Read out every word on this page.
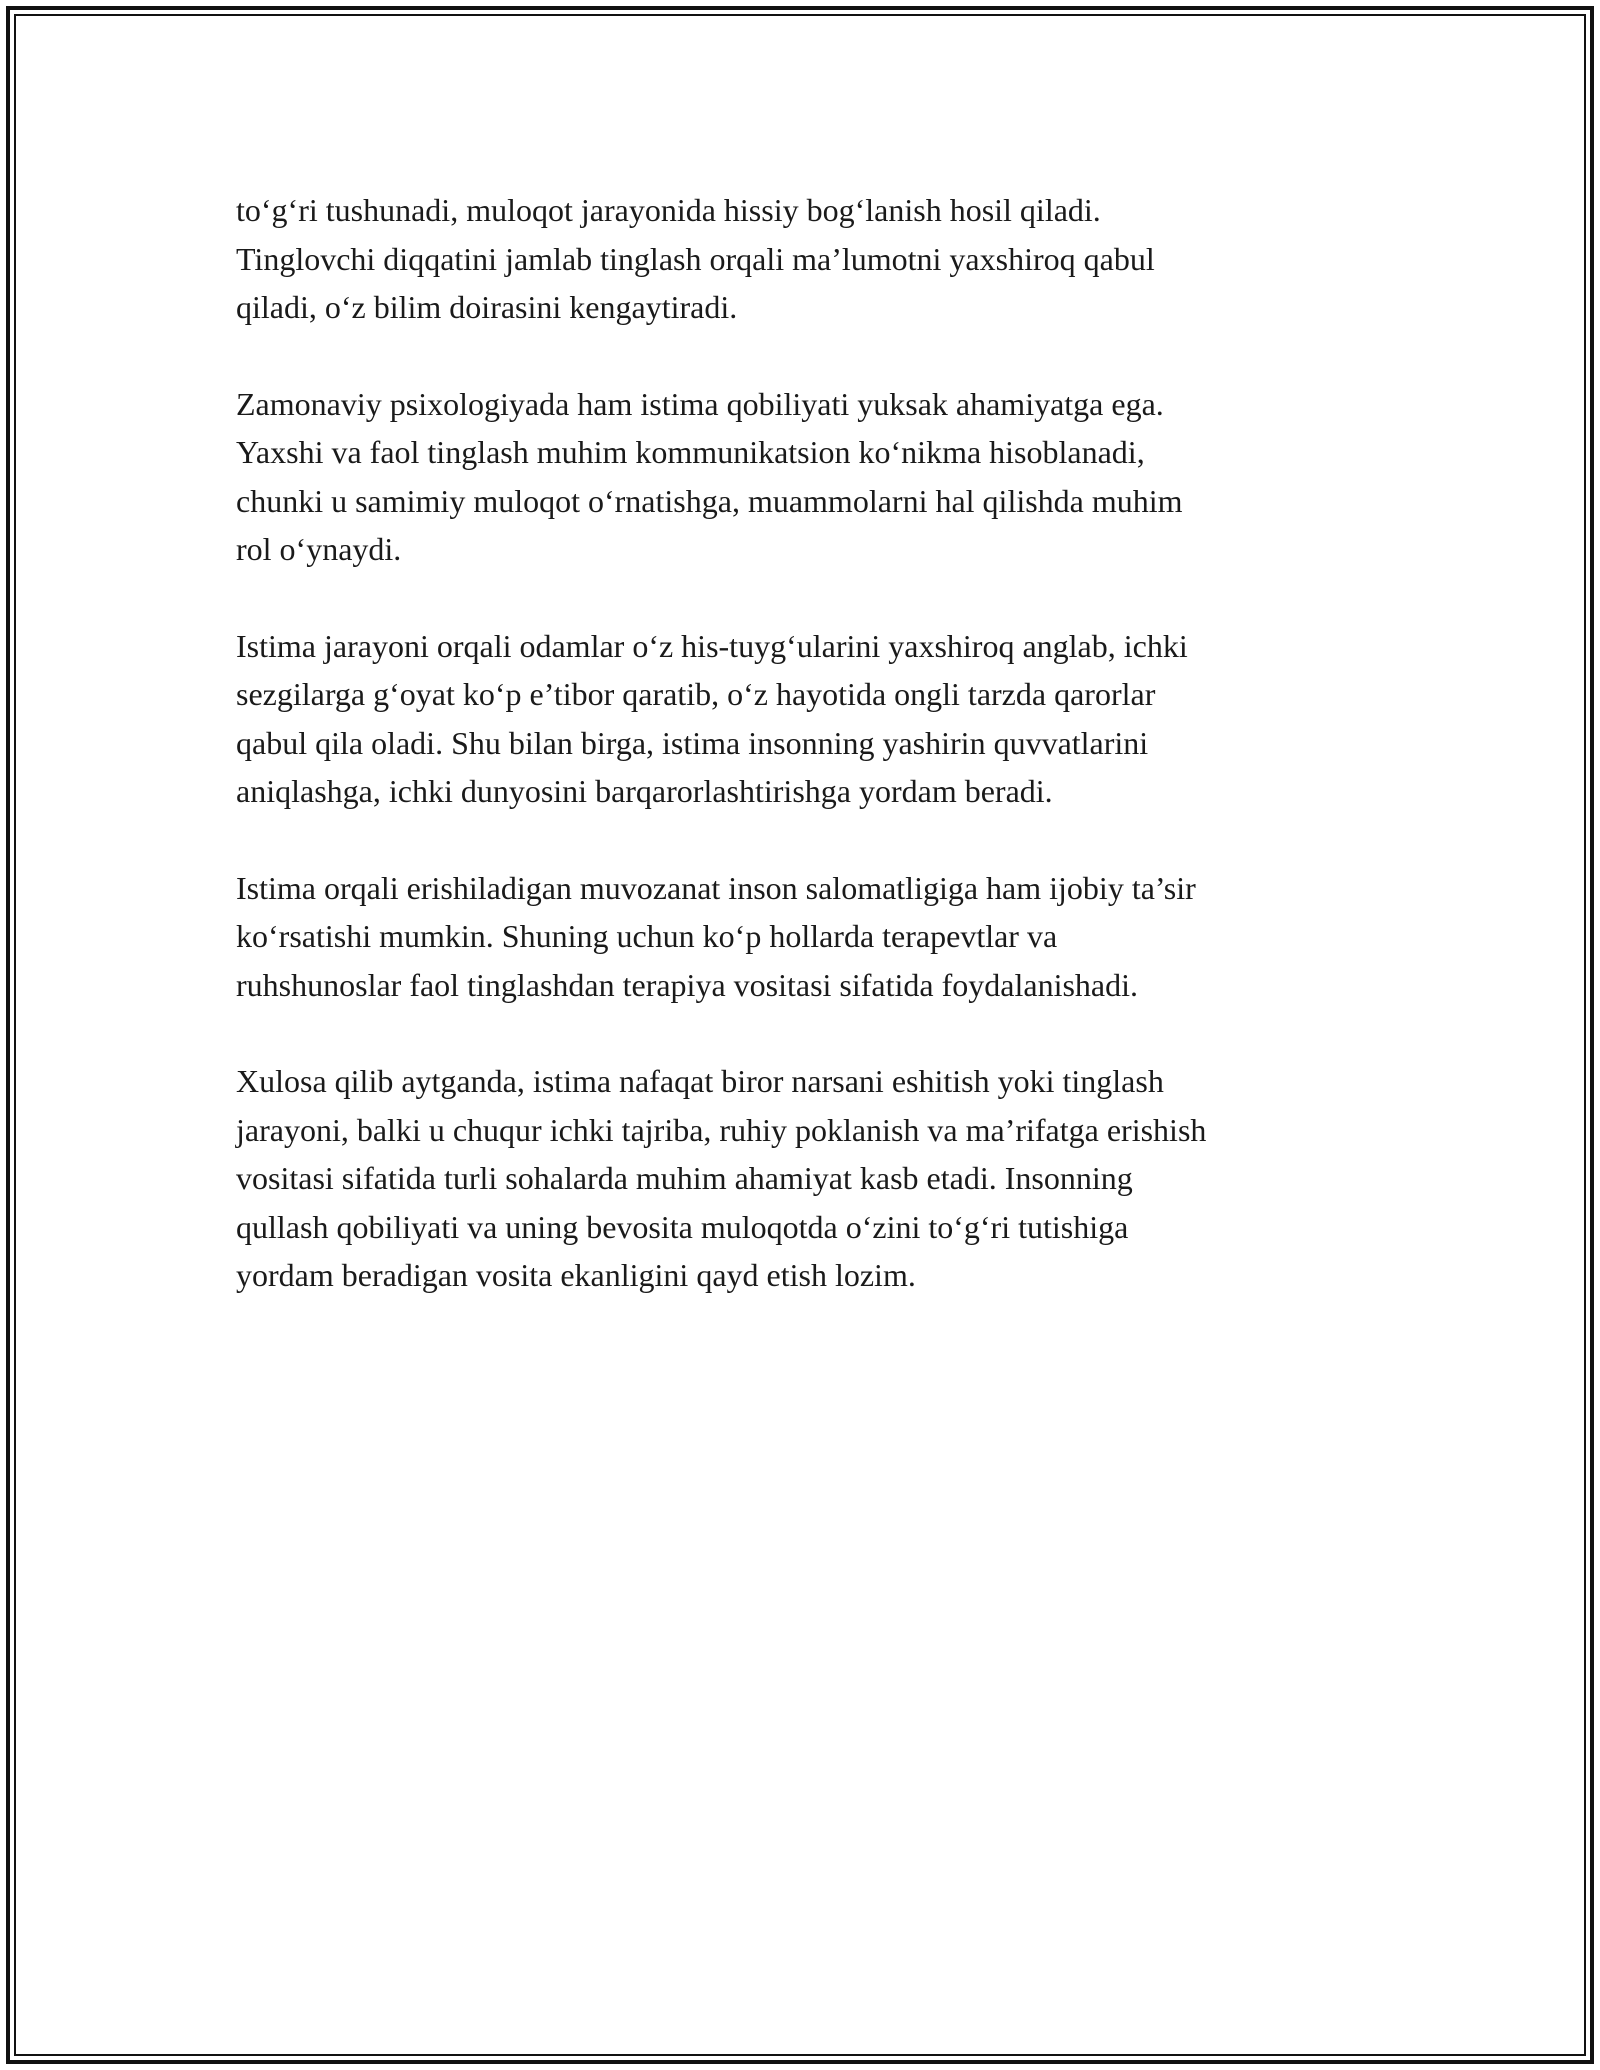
to‘g‘ri tushunadi, muloqot jarayonida hissiy bog‘lanish hosil qiladi.
Tinglovchi diqqatini jamlab tinglash orqali ma’lumotni yaxshiroq qabul
qiladi, o‘z bilim doirasini kengaytiradi.

Zamonaviy psixologiyada ham istima qobiliyati yuksak ahamiyatga ega.
Yaxshi va faol tinglash muhim kommunikatsion ko‘nikma hisoblanadi,
chunki u samimiy muloqot o‘rnatishga, muammolarni hal qilishda muhim
rol o‘ynaydi.

Istima jarayoni orqali odamlar o‘z his-tuyg‘ularini yaxshiroq anglab, ichki
sezgilarga g‘oyat ko‘p e’tibor qaratib, o‘z hayotida ongli tarzda qarorlar
qabul qila oladi. Shu bilan birga, istima insonning yashirin quvvatlarini
aniqlashga, ichki dunyosini barqarorlashtirishga yordam beradi.

Istima orqali erishiladigan muvozanat inson salomatligiga ham ijobiy ta’sir
ko‘rsatishi mumkin. Shuning uchun ko‘p hollarda terapevtlar va
ruhshunoslar faol tinglashdan terapiya vositasi sifatida foydalanishadi.

Xulosa qilib aytganda, istima nafaqat biror narsani eshitish yoki tinglash
jarayoni, balki u chuqur ichki tajriba, ruhiy poklanish va ma’rifatga erishish
vositasi sifatida turli sohalarda muhim ahamiyat kasb etadi. Insonning
qullash qobiliyati va uning bevosita muloqotda o‘zini to‘g‘ri tutishiga
yordam beradigan vosita ekanligini qayd etish lozim.
